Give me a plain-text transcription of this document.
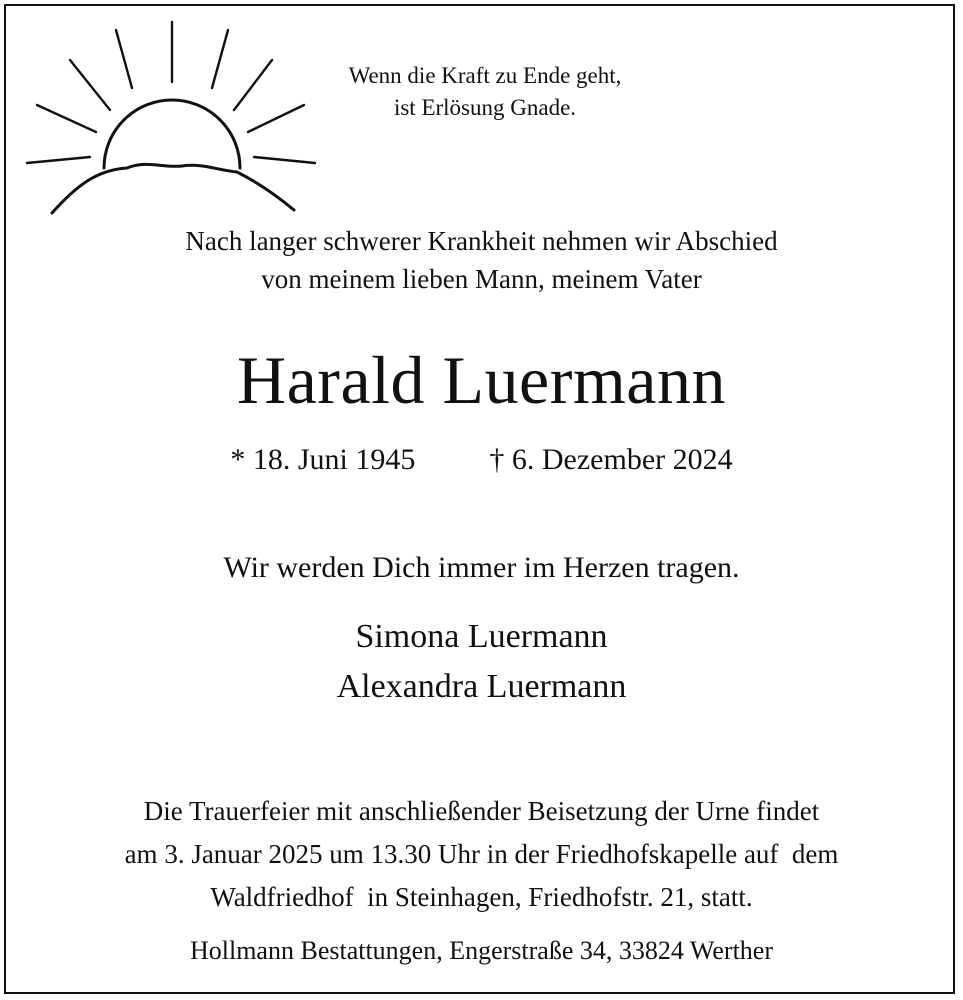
Wenn die Kraft zu Ende geht,
ist Erlösung Gnade.
Nach langer schwerer Krankheit nehmen wir Abschied
von meinem lieben Mann, meinem Vater
Harald Luermann
* 18. Juni 1945 † 6. Dezember 2024
Wir werden Dich immer im Herzen tragen.
Simona Luermann
Alexandra Luermann
Die Trauerfeier mit anschließender Beisetzung der Urne findet
am 3. Januar 2025 um 13.30 Uhr in der Friedhofskapelle auf  dem
Waldfriedhof  in Steinhagen, Friedhofstr. 21, statt.
Hollmann Bestattungen, Engerstraße 34, 33824 Werther
